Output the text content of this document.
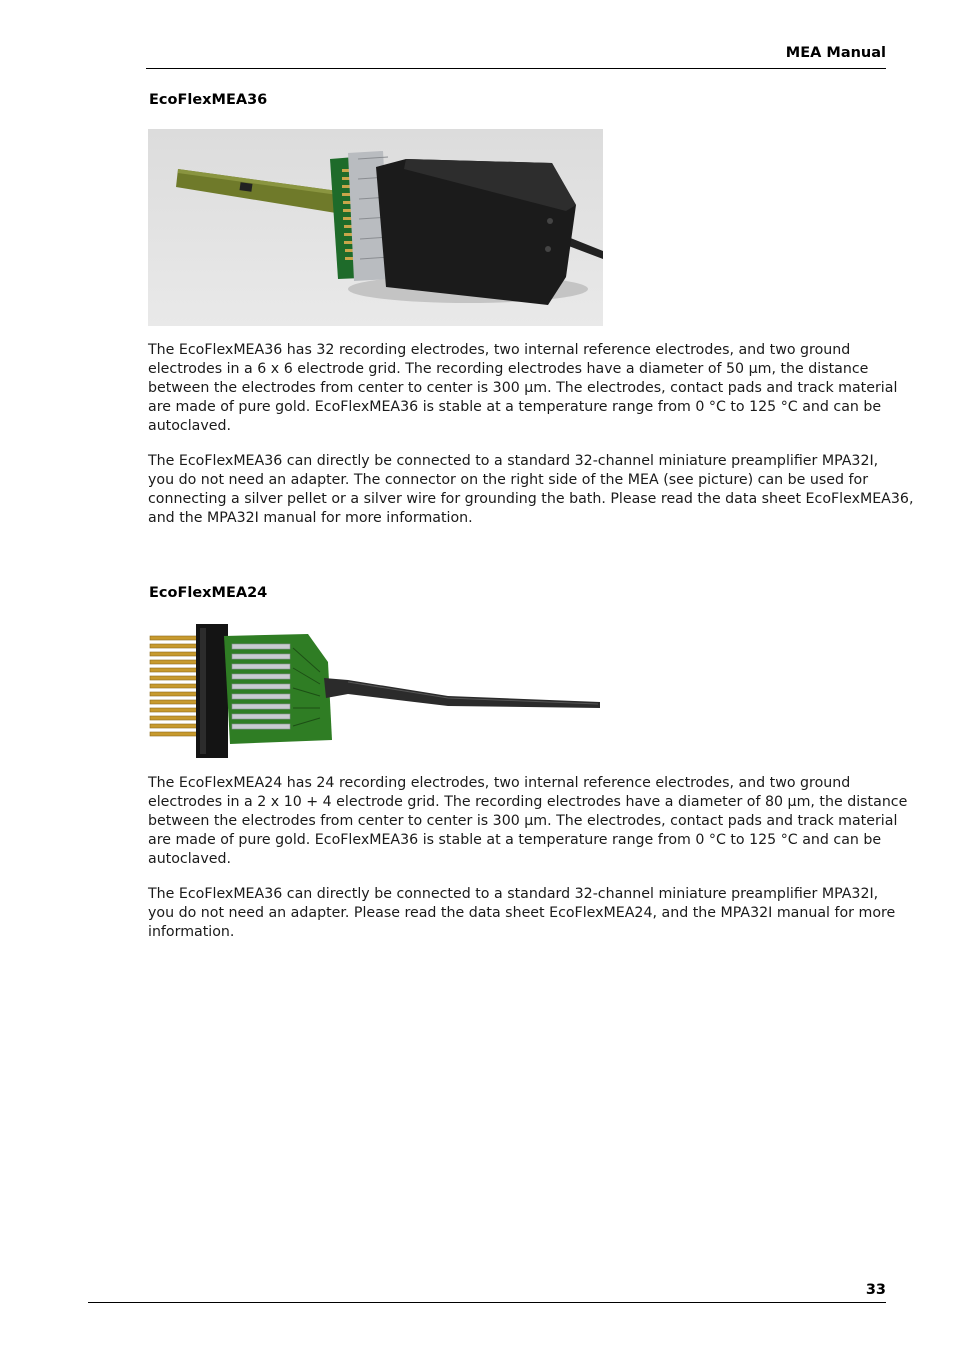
MEA Manual
EcoFlexMEA36

The EcoFlexMEA36 has 32 recording electrodes, two internal reference electrodes, and two ground
electrodes in a 6 x 6 electrode grid. The recording electrodes have a diameter of 50 µm, the distance
between the electrodes from center to center is 300 µm. The electrodes, contact pads and track material
are made of pure gold. EcoFlexMEA36 is stable at a temperature range from 0 °C to 125 °C and can be
autoclaved.

The EcoFlexMEA36 can directly be connected to a standard 32-channel miniature preamplifier MPA32I,
you do not need an adapter. The connector on the right side of the MEA (see picture) can be used for
connecting a silver pellet or a silver wire for grounding the bath. Please read the data sheet EcoFlexMEA36,
and the MPA32I manual for more information.

EcoFlexMEA24

The EcoFlexMEA24 has 24 recording electrodes, two internal reference electrodes, and two ground
electrodes in a 2 x 10 + 4 electrode grid. The recording electrodes have a diameter of 80 µm, the distance
between the electrodes from center to center is 300 µm. The electrodes, contact pads and track material
are made of pure gold. EcoFlexMEA36 is stable at a temperature range from 0 °C to 125 °C and can be
autoclaved.

The EcoFlexMEA36 can directly be connected to a standard 32-channel miniature preamplifier MPA32I,
you do not need an adapter. Please read the data sheet EcoFlexMEA24, and the MPA32I manual for more
information.

33
